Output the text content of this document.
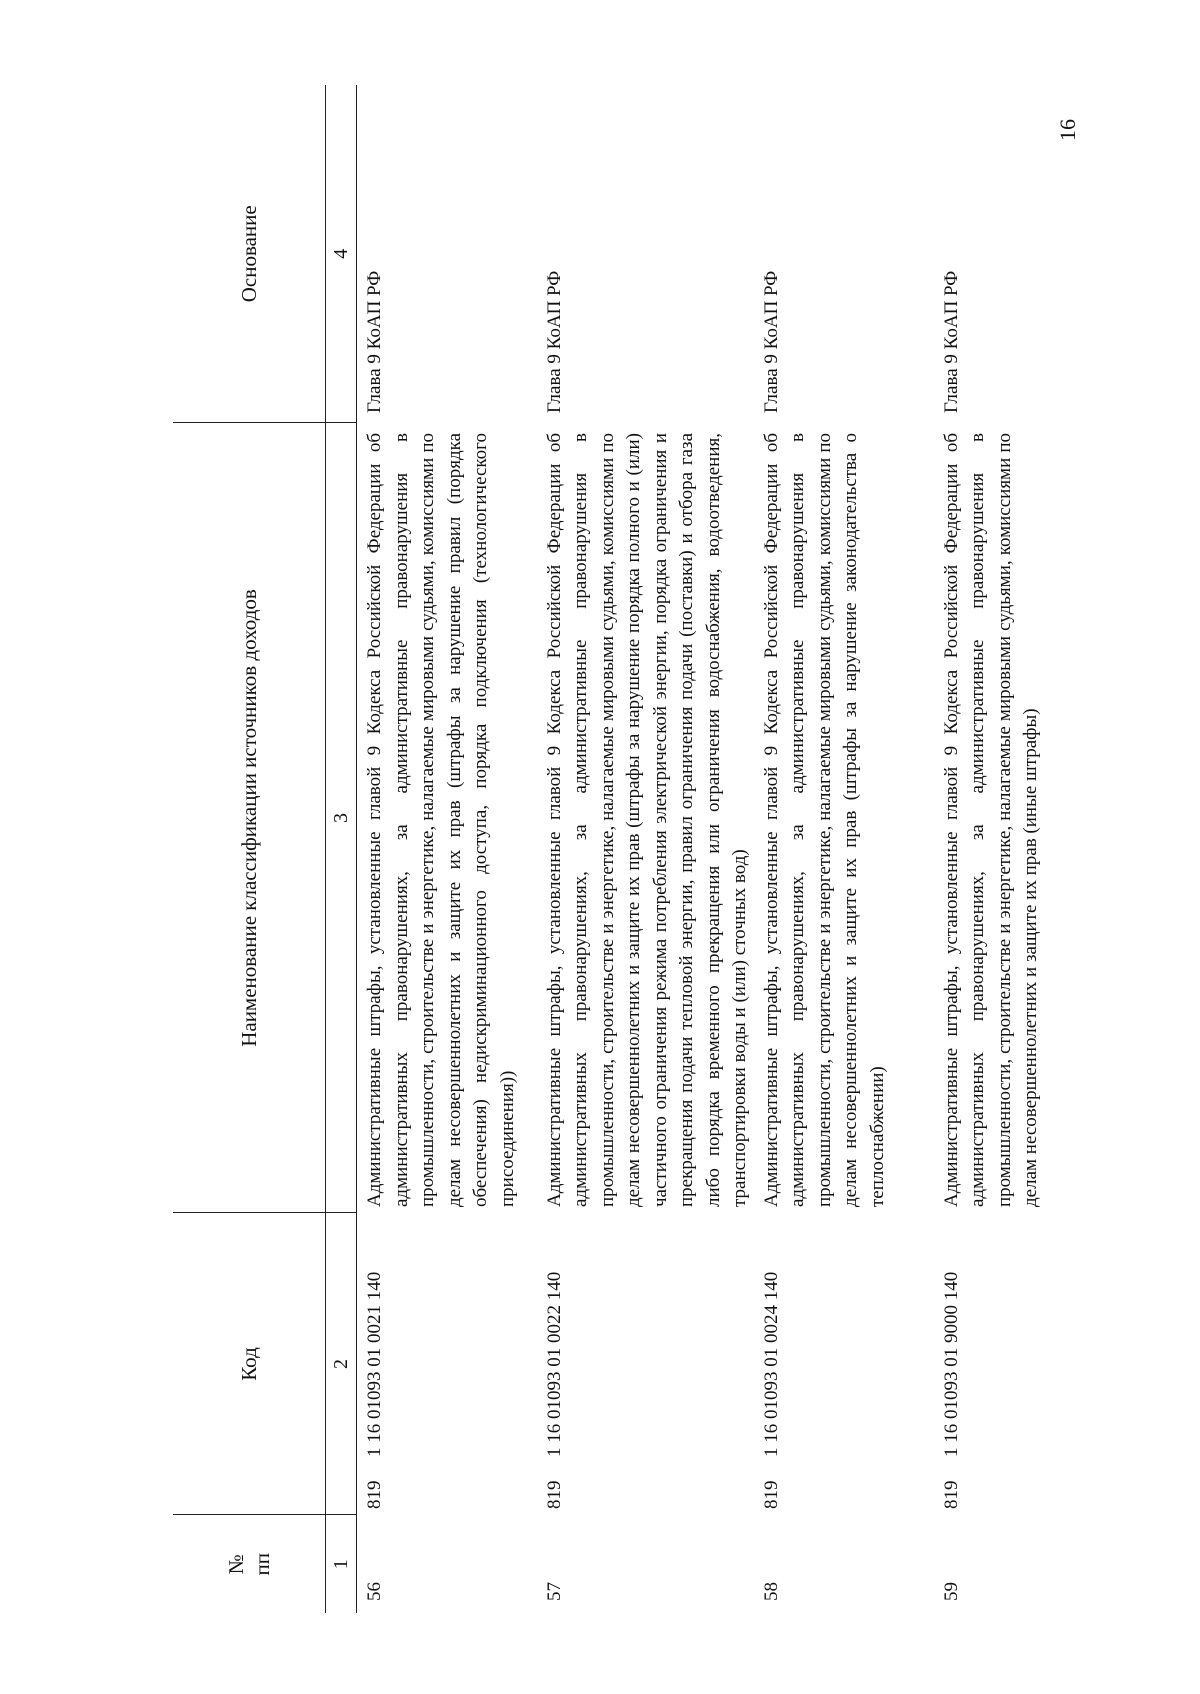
16
№ пп	Код	Наименование классификации источников доходов	Основание
1	2	3	4
56	8191 16 01093 01 0021 140	Административные штрафы, установленные главой 9 Кодекса Российской Федерации об административных правонарушениях, за административные правонарушения в промышленности, строительстве и энергетике, налагаемые мировыми судьями, комиссиями по делам несовершеннолетних и защите их прав (штрафы за нарушение правил (порядка обеспечения) недискриминационного доступа, порядка подключения (технологического присоединения))	Глава 9 КоАП РФ
57	8191 16 01093 01 0022 140	Административные штрафы, установленные главой 9 Кодекса Российской Федерации об административных правонарушениях, за административные правонарушения в промышленности, строительстве и энергетике, налагаемые мировыми судьями, комиссиями по делам несовершеннолетних и защите их прав (штрафы за нарушение порядка полного и (или) частичного ограничения режима потребления электрической энергии, порядка ограничения и прекращения подачи тепловой энергии, правил ограничения подачи (поставки) и отбора газа либо порядка временного прекращения или ограничения водоснабжения, водоотведения, транспортировки воды и (или) сточных вод)	Глава 9 КоАП РФ
58	8191 16 01093 01 0024 140	Административные штрафы, установленные главой 9 Кодекса Российской Федерации об административных правонарушениях, за административные правонарушения в промышленности, строительстве и энергетике, налагаемые мировыми судьями, комиссиями по делам несовершеннолетних и защите их прав (штрафы за нарушение законодательства о теплоснабжении)	Глава 9 КоАП РФ
59	8191 16 01093 01 9000 140	Административные штрафы, установленные главой 9 Кодекса Российской Федерации об административных правонарушениях, за административные правонарушения в промышленности, строительстве и энергетике, налагаемые мировыми судьями, комиссиями по делам несовершеннолетних и защите их прав (иные штрафы)	Глава 9 КоАП РФ
